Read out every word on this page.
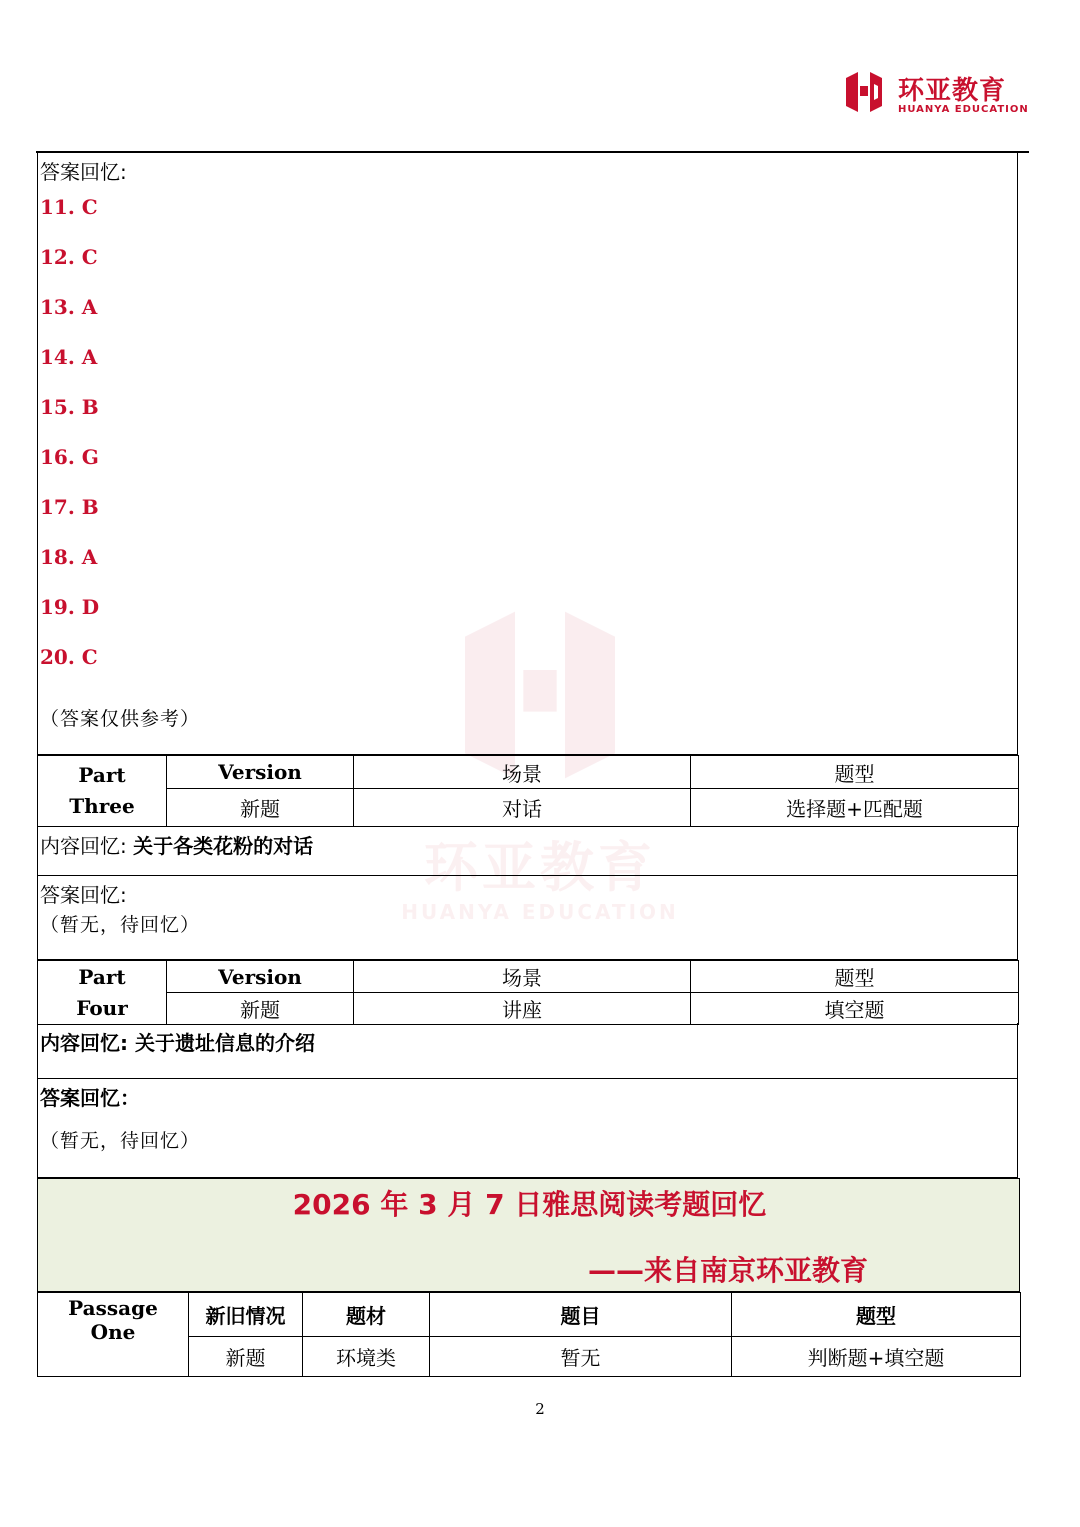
环亚教育
HUANYA EDUCATION
环亚教育
HUANYA EDUCATION
答案回忆:
11. C
12. C
13. A
14. A
15. B
16. G
17. B
18. A
19. D
20. C
（答案仅供参考）
Part
Three	Version	场景	题型
	新题	对话	选择题+匹配题
内容回忆: 关于各类花粉的对话
答案回忆:
（暂无，待回忆）
Part
Four	Version	场景	题型
	新题	讲座	填空题
内容回忆: 关于遗址信息的介绍
答案回忆：
（暂无，待回忆）
2026 年 3 月 7 日雅思阅读考题回忆
——来自南京环亚教育
Passage
One	新旧情况	题材	题目	题型
	新题	环境类	暂无	判断题+填空题
2
